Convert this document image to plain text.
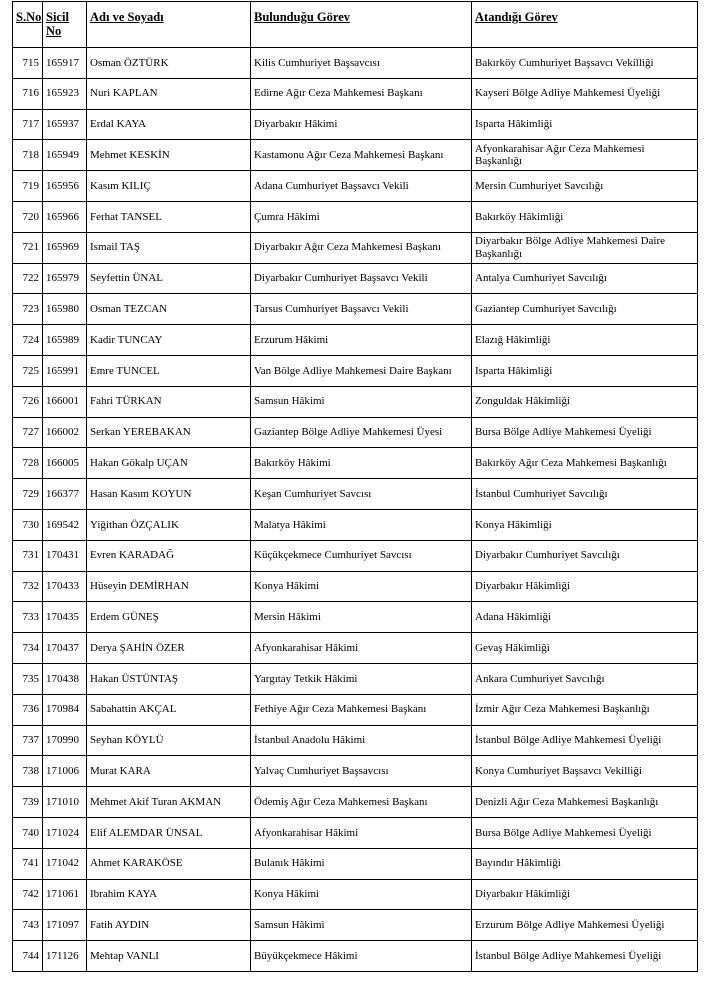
S.No	Sicil No	Adı ve Soyadı	Bulunduğu Görev	Atandığı Görev
715	165917	Osman ÖZTÜRK	Kilis Cumhuriyet Başsavcısı	Bakırköy Cumhuriyet Başsavcı Vekilliği
716	165923	Nuri KAPLAN	Edirne Ağır Ceza Mahkemesi Başkanı	Kayseri Bölge Adliye Mahkemesi Üyeliği
717	165937	Erdal KAYA	Diyarbakır Hâkimi	Isparta Hâkimliği
718	165949	Mehmet KESKİN	Kastamonu Ağır Ceza Mahkemesi Başkanı	Afyonkarahisar Ağır Ceza Mahkemesi Başkanlığı
719	165956	Kasım KILIÇ	Adana Cumhuriyet Başsavcı Vekili	Mersin Cumhuriyet Savcılığı
720	165966	Ferhat TANSEL	Çumra Hâkimi	Bakırköy Hâkimliği
721	165969	Ismail TAŞ	Diyarbakır Ağır Ceza Mahkemesi Başkanı	Diyarbakır Bölge Adliye Mahkemesi Daire Başkanlığı
722	165979	Seyfettin ÜNAL	Diyarbakır Cumhuriyet Başsavcı Vekili	Antalya Cumhuriyet Savcılığı
723	165980	Osman TEZCAN	Tarsus Cumhuriyet Başsavcı Vekili	Gaziantep Cumhuriyet Savcılığı
724	165989	Kadir TUNCAY	Erzurum Hâkimi	Elazığ Hâkimliği
725	165991	Emre TUNCEL	Van Bölge Adliye Mahkemesi Daire Başkanı	Isparta Hâkimliği
726	166001	Fahri TÜRKAN	Samsun Hâkimi	Zonguldak Hâkimliği
727	166002	Serkan YEREBAKAN	Gaziantep Bölge Adliye Mahkemesi Üyesi	Bursa Bölge Adliye Mahkemesi Üyeliği
728	166005	Hakan Gökalp UÇAN	Bakırköy Hâkimi	Bakırköy Ağır Ceza Mahkemesi Başkanlığı
729	166377	Hasan Kasım KOYUN	Keşan Cumhuriyet Savcısı	İstanbul Cumhuriyet Savcılığı
730	169542	Yiğithan ÖZÇALIK	Malatya Hâkimi	Konya Hâkimliği
731	170431	Evren KARADAĞ	Küçükçekmece Cumhuriyet Savcısı	Diyarbakır Cumhuriyet Savcılığı
732	170433	Hüseyin DEMİRHAN	Konya Hâkimi	Diyarbakır Hâkimliği
733	170435	Erdem GÜNEŞ	Mersin Hâkimi	Adana Hâkimliği
734	170437	Derya ŞAHİN ÖZER	Afyonkarahisar Hâkimi	Gevaş Hâkimliği
735	170438	Hakan ÜSTÜNTAŞ	Yargıtay Tetkik Hâkimi	Ankara Cumhuriyet Savcılığı
736	170984	Sabahattin AKÇAL	Fethiye Ağır Ceza Mahkemesi Başkanı	İzmir Ağır Ceza Mahkemesi Başkanlığı
737	170990	Seyhan KÖYLÜ	İstanbul Anadolu Hâkimi	İstanbul Bölge Adliye Mahkemesi Üyeliği
738	171006	Murat KARA	Yalvaç Cumhuriyet Başsavcısı	Konya Cumhuriyet Başsavcı Vekilliği
739	171010	Mehmet Akif Turan AKMAN	Ödemiş Ağır Ceza Mahkemesi Başkanı	Denizli Ağır Ceza Mahkemesi Başkanlığı
740	171024	Elif ALEMDAR ÜNSAL	Afyonkarahisar Hâkimi	Bursa Bölge Adliye Mahkemesi Üyeliği
741	171042	Ahmet KARAKÖSE	Bulanık Hâkimi	Bayındır Hâkimliği
742	171061	Ibrahim KAYA	Konya Hâkimi	Diyarbakır Hâkimliği
743	171097	Fatih AYDIN	Samsun Hâkimi	Erzurum Bölge Adliye Mahkemesi Üyeliği
744	171126	Mehtap VANLI	Büyükçekmece Hâkimi	İstanbul Bölge Adliye Mahkemesi Üyeliği
